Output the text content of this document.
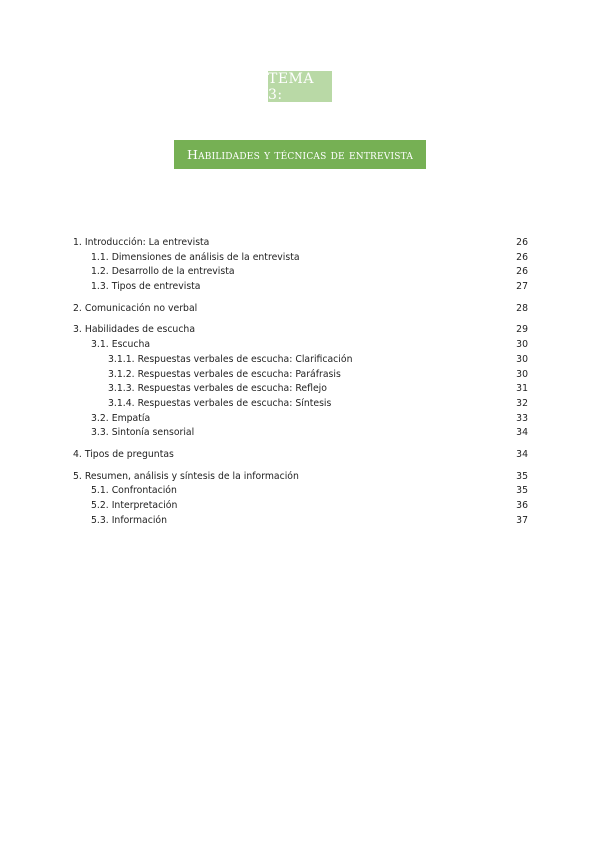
TEMA 3:
Habilidades y técnicas de entrevista
1. Introducción: La entrevista	26
1.1. Dimensiones de análisis de la entrevista	26
1.2. Desarrollo de la entrevista	26
1.3. Tipos de entrevista	27
2. Comunicación no verbal	28
3. Habilidades de escucha	29
3.1. Escucha	30
3.1.1. Respuestas verbales de escucha: Clarificación	30
3.1.2. Respuestas verbales de escucha: Paráfrasis	30
3.1.3. Respuestas verbales de escucha: Reflejo	31
3.1.4. Respuestas verbales de escucha: Síntesis	32
3.2. Empatía	33
3.3. Sintonía sensorial	34
4. Tipos de preguntas	34
5. Resumen, análisis y síntesis de la información	35
5.1. Confrontación	35
5.2. Interpretación	36
5.3. Información	37
